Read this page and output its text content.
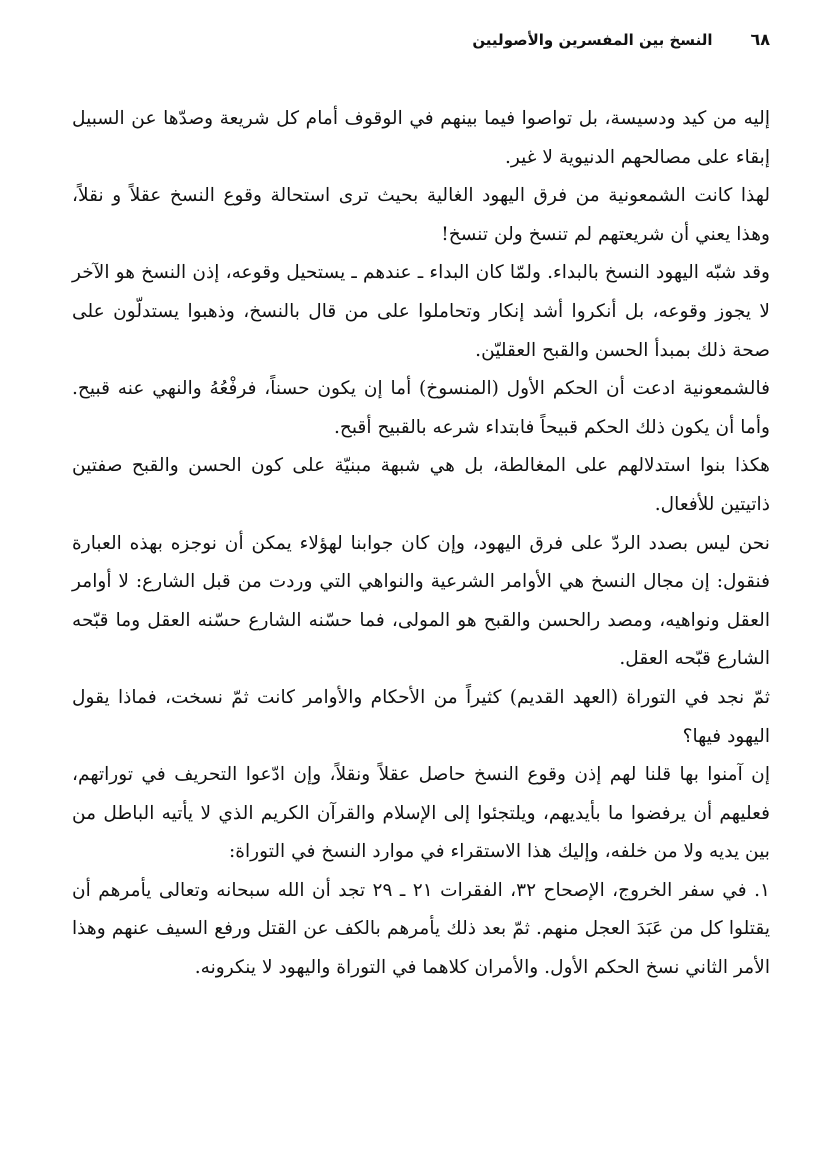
٦٨
النسخ بين المفسرين والأصوليين

إليه من كيد ودسيسة، بل تواصوا فيما بينهم في الوقوف أمام كل شريعة وصدّها عن السبيل إبقاء على مصالحهم الدنيوية لا غير.

لهذا كانت الشمعونية من فرق اليهود الغالية بحيث ترى استحالة وقوع النسخ عقلاً و نقلاً، وهذا يعني أن شريعتهم لم تنسخ ولن تنسخ!

وقد شبّه اليهود النسخ بالبداء. ولمّا كان البداء ـ عندهم ـ يستحيل وقوعه، إذن النسخ هو الآخر لا يجوز وقوعه، بل أنكروا أشد إنكار وتحاملوا على من قال بالنسخ، وذهبوا يستدلّون على صحة ذلك بمبدأ الحسن والقبح العقليّن.

فالشمعونية ادعت أن الحكم الأول (المنسوخ) أما إن يكون حسناً، فرفْعُهُ والنهي عنه قبيح. وأما أن يكون ذلك الحكم قبيحاً فابتداء شرعه بالقبيح أقبح.

هكذا بنوا استدلالهم على المغالطة، بل هي شبهة مبنيّة على كون الحسن والقبح صفتين ذاتيتين للأفعال.

نحن ليس بصدد الردّ على فرق اليهود، وإن كان جوابنا لهؤلاء يمكن أن نوجزه بهذه العبارة فنقول: إن مجال النسخ هي الأوامر الشرعية والنواهي التي وردت من قبل الشارع: لا أوامر العقل ونواهيه، ومصد رالحسن والقبح هو المولى، فما حسّنه الشارع حسّنه العقل وما قبّحه الشارع قبّحه العقل.

ثمّ نجد في التوراة (العهد القديم) كثيراً من الأحكام والأوامر كانت ثمّ نسخت، فماذا يقول اليهود فيها؟

إن آمنوا بها قلنا لهم إذن وقوع النسخ حاصل عقلاً ونقلاً، وإن ادّعوا التحريف في توراتهم، فعليهم أن يرفضوا ما بأيديهم، ويلتجئوا إلى الإسلام والقرآن الكريم الذي لا يأتيه الباطل من بين يديه ولا من خلفه، وإليك هذا الاستقراء في موارد النسخ في التوراة:

١. في سفر الخروج، الإصحاح ٣٢، الفقرات ٢١ ـ ٢٩ تجد أن الله سبحانه وتعالى يأمرهم أن يقتلوا كل من عَبَدَ العجل منهم. ثمّ بعد ذلك يأمرهم بالكف عن القتل ورفع السيف عنهم وهذا الأمر الثاني نسخ الحكم الأول. والأمران كلاهما في التوراة واليهود لا ينكرونه.
